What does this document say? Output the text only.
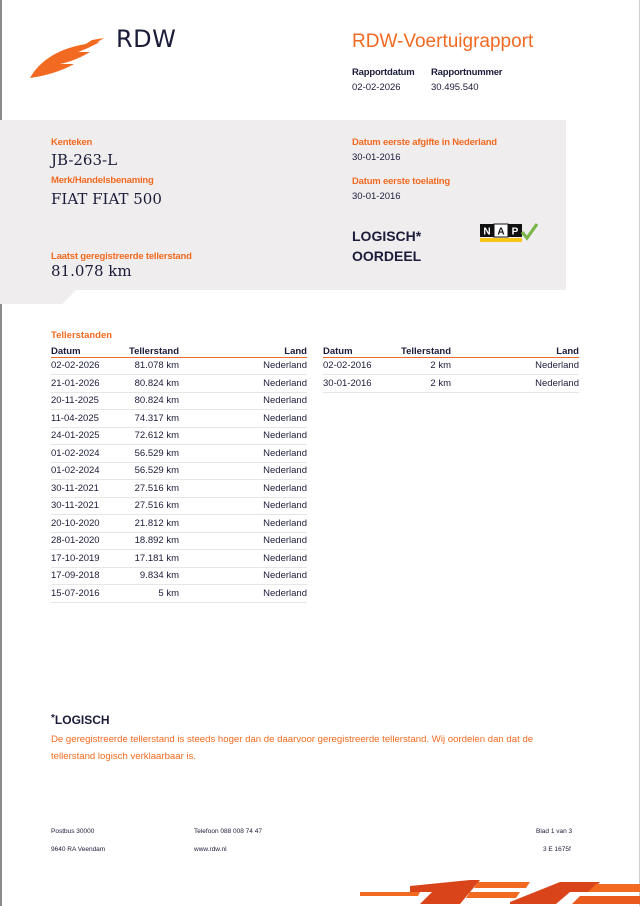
RDW	RDW-Voertuigrapport
Rapportdatum Rapportnummer
02-02-2026	30.495.540
Kenteken
JB-263-L
Merk/Handelsbenaming
FIAT FIAT 500
Laatst geregistreerde tellerstand
81.078 km
Datum eerste afgifte in Nederland
30-01-2016
Datum eerste toelating
30-01-2016
LOGISCH*
OORDEEL
N A P
Tellerstanden
Datum	Tellerstand	Land
02-02-2026	81.078 km	Nederland
21-01-2026	80.824 km	Nederland
20-11-2025	80.824 km	Nederland
11-04-2025	74.317 km	Nederland
24-01-2025	72.612 km	Nederland
01-02-2024	56.529 km	Nederland
01-02-2024	56.529 km	Nederland
30-11-2021	27.516 km	Nederland
30-11-2021	27.516 km	Nederland
20-10-2020	21.812 km	Nederland
28-01-2020	18.892 km	Nederland
17-10-2019	17.181 km	Nederland
17-09-2018	9.834 km	Nederland
15-07-2016	5 km	Nederland
Datum	Tellerstand	Land
02-02-2016	2 km	Nederland
30-01-2016	2 km	Nederland
*LOGISCH
De geregistreerde tellerstand is steeds hoger dan de daarvoor geregistreerde tellerstand. Wij oordelen dan dat de tellerstand logisch verklaarbaar is.
Postbus 30000
9640 RA Veendam
Telefoon 088 008 74 47
www.rdw.nl
Blad 1 van 3
3 E 1675f
